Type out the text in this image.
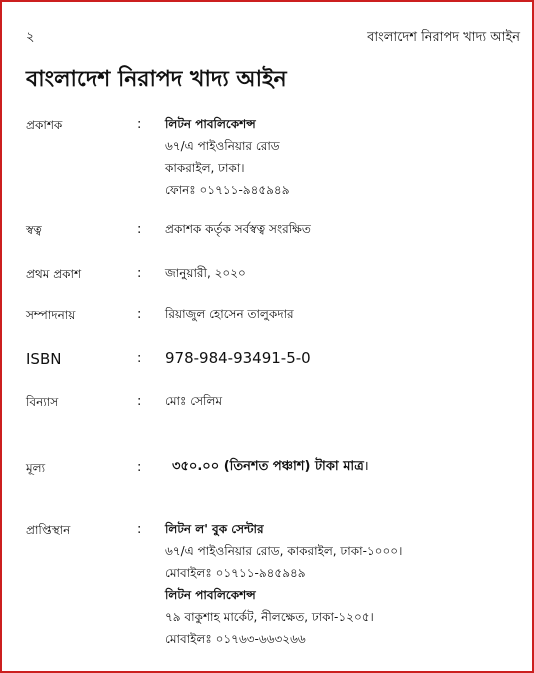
২	বাংলাদেশ নিরাপদ খাদ্য আইন
বাংলাদেশ নিরাপদ খাদ্য আইন
প্রকাশক	: লিটন পাবলিকেশন্স
৬৭/এ পাইওনিয়ার রোড
কাকরাইল, ঢাকা।
ফোনঃ ০১৭১১-৯৪৫৯৪৯
স্বত্ব	: প্রকাশক কর্তৃক সর্বস্বত্ব সংরক্ষিত
প্রথম প্রকাশ	: জানুয়ারী, ২০২০
সম্পাদনায়	: রিয়াজুল হোসেন তালুকদার
ISBN	: 978-984-93491-5-0
বিন্যাস	: মোঃ সেলিম
মূল্য	: ৩৫০.০০ (তিনশত পঞ্চাশ) টাকা মাত্র।
প্রাপ্তিস্থান	: লিটন ল' বুক সেন্টার
৬৭/এ পাইওনিয়ার রোড, কাকরাইল, ঢাকা-১০০০।
মোবাইলঃ ০১৭১১-৯৪৫৯৪৯
লিটন পাবলিকেশন্স
৭৯ বাকুশাহ মার্কেট, নীলক্ষেত, ঢাকা-১২০৫।
মোবাইলঃ ০১৭৬৩-৬৬৩২৬৬
